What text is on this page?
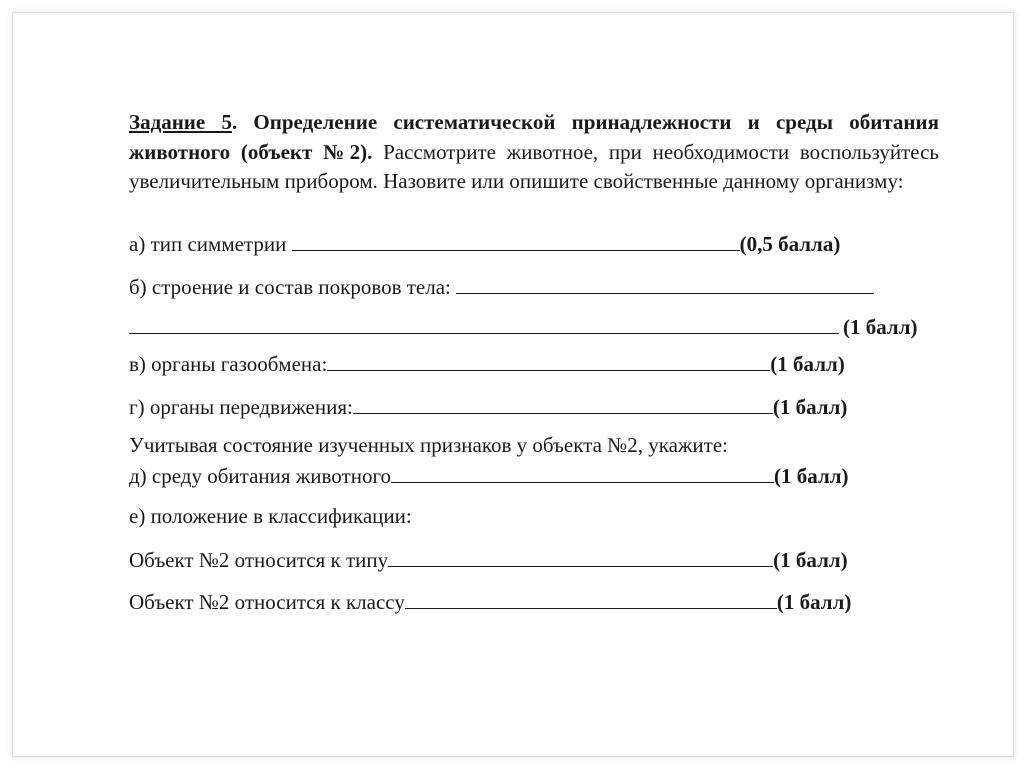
Задание 5. Определение систематической принадлежности и среды обитания животного (объект №2). Рассмотрите животное, при необходимости воспользуйтесь увеличительным прибором. Назовите или опишите свойственные данному организму:

а) тип симметрии	(0,5 балла)
б) строение и состав покровов тела:
(1 балл)
в) органы газообмена:	(1 балл)
г) органы передвижения:	(1 балл)
Учитывая состояние изученных признаков у объекта №2, укажите:
д) среду обитания животного	(1 балл)
е) положение в классификации:
Объект №2 относится к типу	(1 балл)
Объект №2 относится к классу	(1 балл)
